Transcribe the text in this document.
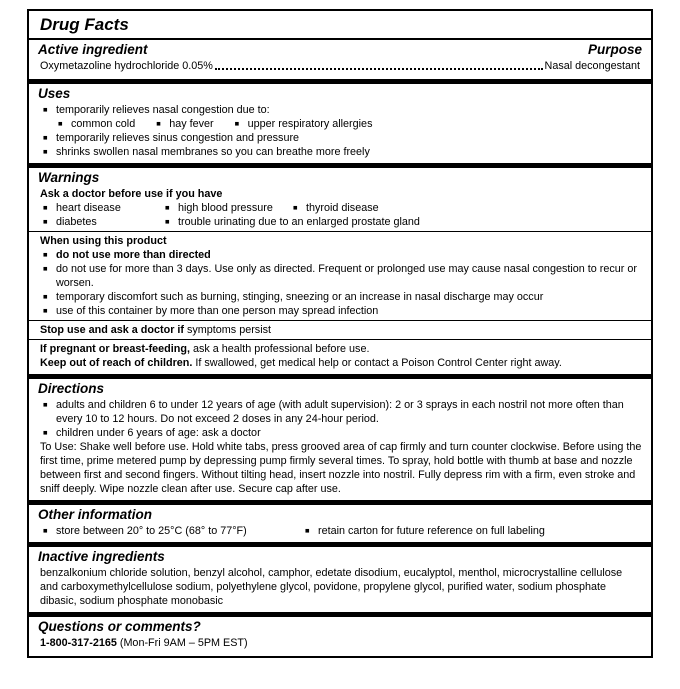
Drug Facts
Active ingredient	Purpose
Oxymetazoline hydrochloride 0.05%	Nasal decongestant
Uses
■ temporarily relieves nasal congestion due to:
■ common cold	■ hay fever	■ upper respiratory allergies
■ temporarily relieves sinus congestion and pressure
■ shrinks swollen nasal membranes so you can breathe more freely
Warnings
Ask a doctor before use if you have
■ heart disease	■ high blood pressure	■ thyroid disease
■ diabetes	■ trouble urinating due to an enlarged prostate gland
When using this product
■ do not use more than directed
■ do not use for more than 3 days. Use only as directed. Frequent or prolonged use may cause nasal congestion to recur or worsen.
■ temporary discomfort such as burning, stinging, sneezing or an increase in nasal discharge may occur
■ use of this container by more than one person may spread infection
Stop use and ask a doctor if symptoms persist
If pregnant or breast-feeding, ask a health professional before use.
Keep out of reach of children. If swallowed, get medical help or contact a Poison Control Center right away.
Directions
■ adults and children 6 to under 12 years of age (with adult supervision): 2 or 3 sprays in each nostril not more often than every 10 to 12 hours. Do not exceed 2 doses in any 24-hour period.
■ children under 6 years of age: ask a doctor
To Use: Shake well before use. Hold white tabs, press grooved area of cap firmly and turn counter clockwise. Before using the first time, prime metered pump by depressing pump firmly several times. To spray, hold bottle with thumb at base and nozzle between first and second fingers. Without tilting head, insert nozzle into nostril. Fully depress rim with a firm, even stroke and sniff deeply. Wipe nozzle clean after use. Secure cap after use.
Other information
■ store between 20° to 25°C (68° to 77°F)	■ retain carton for future reference on full labeling
Inactive ingredients
benzalkonium chloride solution, benzyl alcohol, camphor, edetate disodium, eucalyptol, menthol, microcrystalline cellulose and carboxymethylcellulose sodium, polyethylene glycol, povidone, propylene glycol, purified water, sodium phosphate dibasic, sodium phosphate monobasic
Questions or comments?
1-800-317-2165 (Mon-Fri 9AM – 5PM EST)
